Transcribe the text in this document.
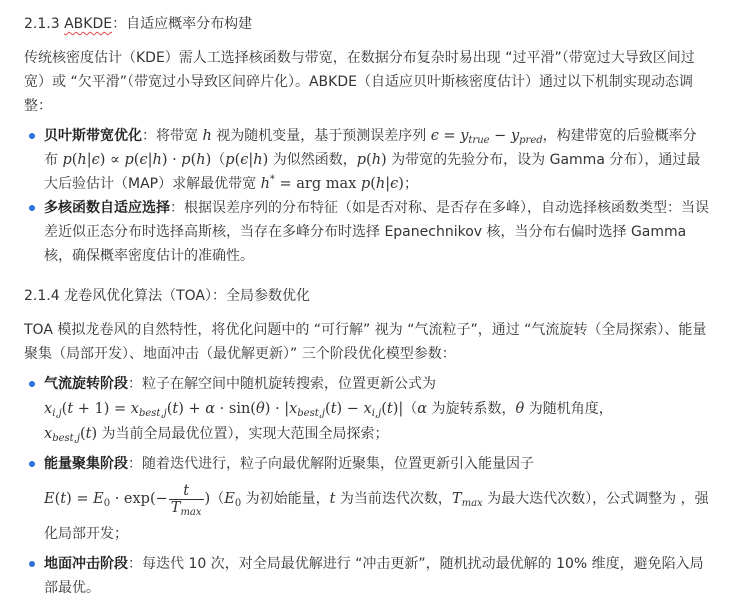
2.1.3 ABKDE：自适应概率分布构建

传统核密度估计（KDE）需人工选择核函数与带宽，在数据分布复杂时易出现 “过平滑”（带宽过大导致区间过宽）或 “欠平滑”（带宽过小导致区间碎片化）。ABKDE（自适应贝叶斯核密度估计）通过以下机制实现动态调整：

贝叶斯带宽优化：将带宽 h 视为随机变量，基于预测误差序列 $\epsilon = y_{true} - y_{pred}$，构建带宽的后验概率分布 p(h|ϵ) ∝ p(ϵ|h) · p(h)（p(ϵ|h) 为似然函数，p(h) 为带宽的先验分布，设为 Gamma 分布），通过最大后验估计（MAP）求解最优带宽 h* = arg max p(h|ϵ)；
多核函数自适应选择：根据误差序列的分布特征（如是否对称、是否存在多峰），自动选择核函数类型：当误差近似正态分布时选择高斯核，当存在多峰分布时选择 Epanechnikov 核，当分布右偏时选择 Gamma 核，确保概率密度估计的准确性。
2.1.4 龙卷风优化算法（TOA）：全局参数优化

TOA 模拟龙卷风的自然特性，将优化问题中的 “可行解” 视为 “气流粒子”，通过 “气流旋转（全局探索）、能量聚集（局部开发）、地面冲击（最优解更新）” 三个阶段优化模型参数：

气流旋转阶段：粒子在解空间中随机旋转搜索，位置更新公式为
$x_{i,j}(t + 1) = x_{best,j}(t) + \alpha \cdot \sin(\theta) \cdot |x_{best,j}(t) - x_{i,j}(t)|(\alpha$ 为旋转系数，θ 为随机角度，
$x_{best,j}(t)$ 为当前全局最优位置），实现大范围全局探索；
能量聚集阶段：随着迭代进行，粒子向最优解附近聚集，位置更新引入能量因子
$E(t) = E_0 \cdot \exp(- \frac{t}{T_{max}} )(E_0$ 为初始能量，t 为当前迭代次数，$T_{max}$ 为最大迭代次数），公式调整为 ，强化局部开发；
地面冲击阶段：每迭代 10 次，对全局最优解进行 “冲击更新”，随机扰动最优解的 10% 维度，避免陷入局部最优。
